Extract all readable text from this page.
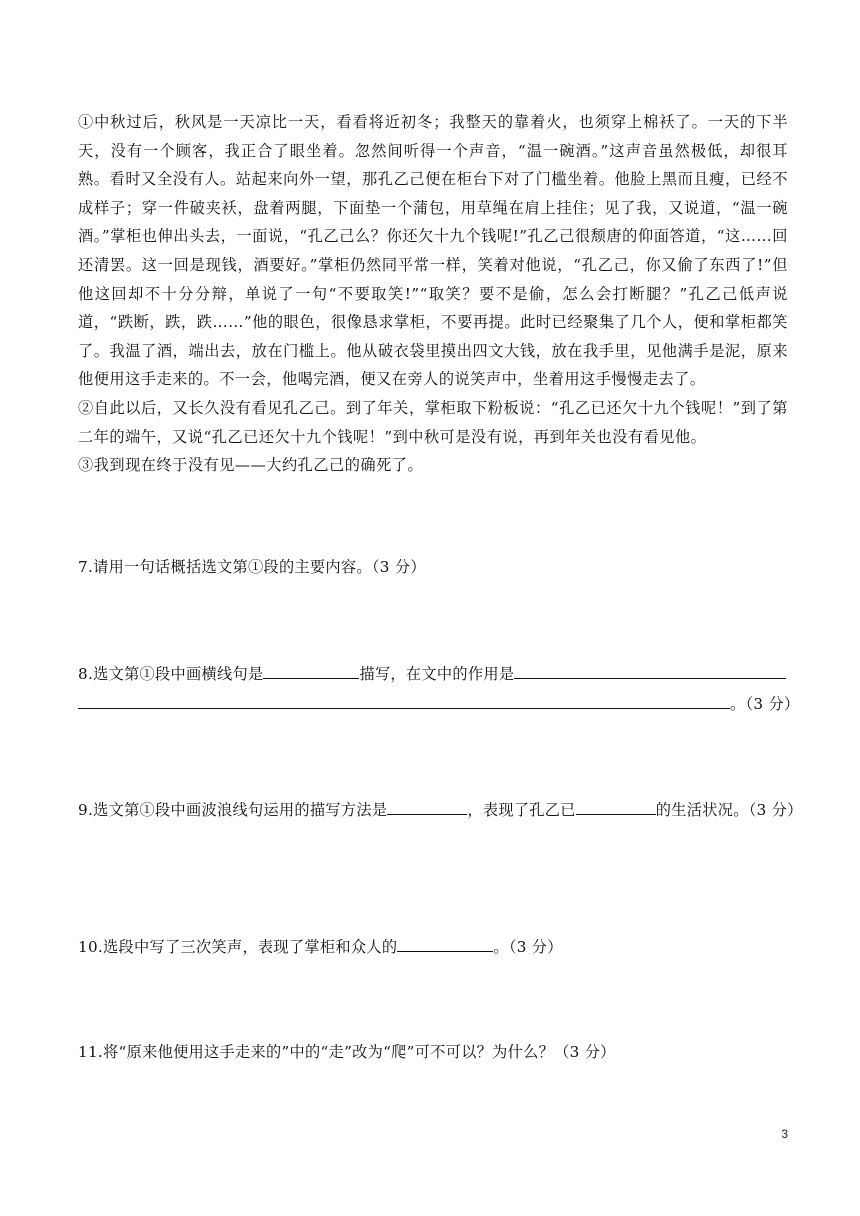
①中秋过后，秋风是一天凉比一天，看看将近初冬；我整天的靠着火，也须穿上棉袄了。一天的下半天，没有一个顾客，我正合了眼坐着。忽然间听得一个声音，“温一碗酒。”这声音虽然极低，却很耳熟。看时又全没有人。站起来向外一望，那孔乙己便在柜台下对了门槛坐着。他脸上黑而且瘦，已经不成样子；穿一件破夹袄，盘着两腿，下面垫一个蒲包，用草绳在肩上挂住；见了我，又说道，“温一碗酒。”掌柜也伸出头去，一面说，“孔乙己么？你还欠十九个钱呢!”孔乙己很颓唐的仰面答道，“这……回还清罢。这一回是现钱，酒要好。”掌柜仍然同平常一样，笑着对他说，“孔乙己，你又偷了东西了!”但他这回却不十分分辩，单说了一句“不要取笑!”“取笑？要不是偷，怎么会打断腿？”孔乙己低声说道，“跌断，跌，跌……”他的眼色，很像恳求掌柜，不要再提。此时已经聚集了几个人，便和掌柜都笑了。我温了酒，端出去，放在门槛上。他从破衣袋里摸出四文大钱，放在我手里，见他满手是泥，原来他便用这手走来的。不一会，他喝完酒，便又在旁人的说笑声中，坐着用这手慢慢走去了。

②自此以后，又长久没有看见孔乙己。到了年关，掌柜取下粉板说：“孔乙已还欠十九个钱呢！”到了第二年的端午，又说“孔乙已还欠十九个钱呢！”到中秋可是没有说，再到年关也没有看见他。

③我到现在终于没有见——大约孔乙己的确死了。

7.请用一句话概括选文第①段的主要内容。（3 分）
8.选文第①段中画横线句是	描写，在文中的作用是
。（3 分）
9.选文第①段中画波浪线句运用的描写方法是	，表现了孔乙已	的生活状况。（3 分）
10.选段中写了三次笑声，表现了掌柜和众人的	。（3 分）
11.将“原来他便用这手走来的”中的“走”改为“爬”可不可以？为什么？（3 分）
3
